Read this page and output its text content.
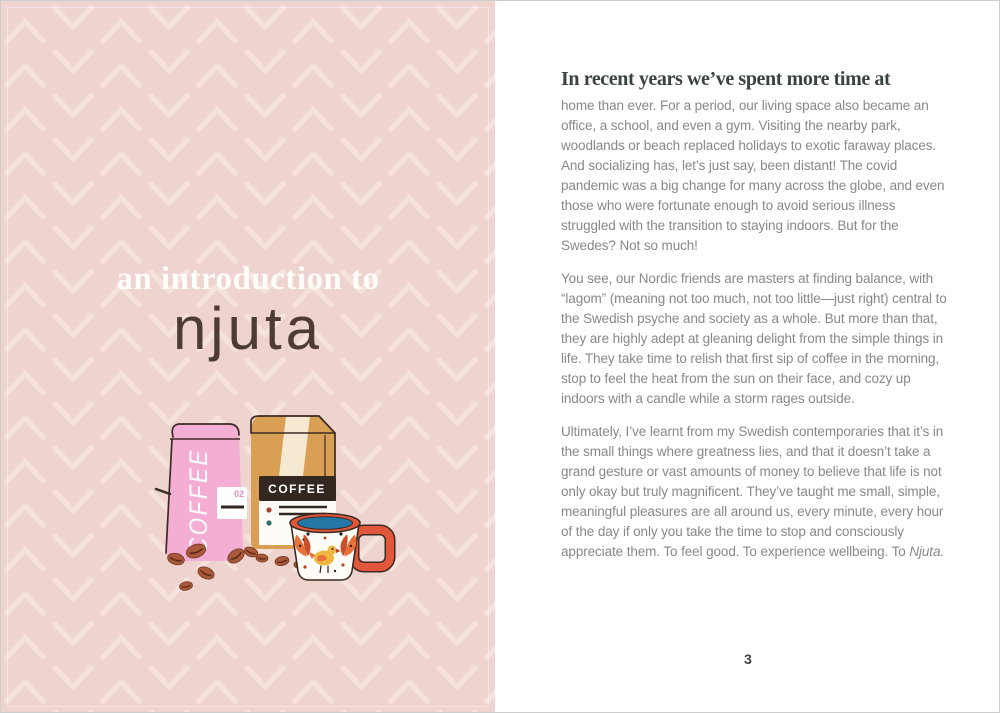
an introduction to
njuta
COFFEE 02 COFFEE
In recent years we’ve spent more time at

home than ever. For a period, our living space also became an office, a school, and even a gym. Visiting the nearby park, woodlands or beach replaced holidays to exotic faraway places. And socializing has, let’s just say, been distant! The covid pandemic was a big change for many across the globe, and even those who were fortunate enough to avoid serious illness struggled with the transition to staying indoors. But for the Swedes? Not so much!

You see, our Nordic friends are masters at finding balance, with “lagom” (meaning not too much, not too little—just right) central to the Swedish psyche and society as a whole. But more than that, they are highly adept at gleaning delight from the simple things in life. They take time to relish that first sip of coffee in the morning, stop to feel the heat from the sun on their face, and cozy up indoors with a candle while a storm rages outside.

Ultimately, I’ve learnt from my Swedish contemporaries that it’s in the small things where greatness lies, and that it doesn’t take a grand gesture or vast amounts of money to believe that life is not only okay but truly magnificent. They’ve taught me small, simple, meaningful pleasures are all around us, every minute, every hour of the day if only you take the time to stop and consciously appreciate them. To feel good. To experience wellbeing. To Njuta.

3
